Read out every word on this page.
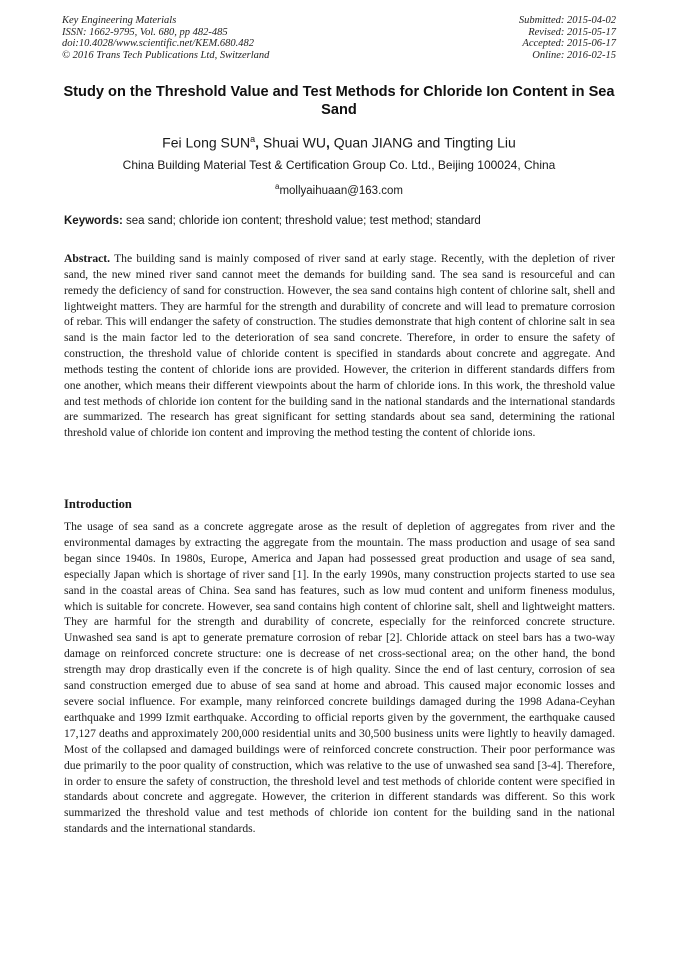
Key Engineering Materials
ISSN: 1662-9795, Vol. 680, pp 482-485
doi:10.4028/www.scientific.net/KEM.680.482
© 2016 Trans Tech Publications Ltd, Switzerland
Submitted: 2015-04-02
Revised: 2015-05-17
Accepted: 2015-06-17
Online: 2016-02-15
Study on the Threshold Value and Test Methods for Chloride Ion Content in Sea Sand
Fei Long SUN$^a$, Shuai WU, Quan JIANG and Tingting Liu
China Building Material Test & Certification Group Co. Ltd., Beijing 100024, China
$^a$mollyaihuaan@163.com
Keywords: sea sand; chloride ion content; threshold value; test method; standard
Abstract. The building sand is mainly composed of river sand at early stage. Recently, with the depletion of river sand, the new mined river sand cannot meet the demands for building sand. The sea sand is resourceful and can remedy the deficiency of sand for construction. However, the sea sand contains high content of chlorine salt, shell and lightweight matters. They are harmful for the strength and durability of concrete and will lead to premature corrosion of rebar. This will endanger the safety of construction. The studies demonstrate that high content of chlorine salt in sea sand is the main factor led to the deterioration of sea sand concrete. Therefore, in order to ensure the safety of construction, the threshold value of chloride content is specified in standards about concrete and aggregate. And methods testing the content of chloride ions are provided. However, the criterion in different standards differs from one another, which means their different viewpoints about the harm of chloride ions. In this work, the threshold value and test methods of chloride ion content for the building sand in the national standards and the international standards are summarized. The research has great significant for setting standards about sea sand, determining the rational threshold value of chloride ion content and improving the method testing the content of chloride ions.
Introduction
The usage of sea sand as a concrete aggregate arose as the result of depletion of aggregates from river and the environmental damages by extracting the aggregate from the mountain. The mass production and usage of sea sand began since 1940s. In 1980s, Europe, America and Japan had possessed great production and usage of sea sand, especially Japan which is shortage of river sand [1]. In the early 1990s, many construction projects started to use sea sand in the coastal areas of China. Sea sand has features, such as low mud content and uniform fineness modulus, which is suitable for concrete. However, sea sand contains high content of chlorine salt, shell and lightweight matters. They are harmful for the strength and durability of concrete, especially for the reinforced concrete structure. Unwashed sea sand is apt to generate premature corrosion of rebar [2]. Chloride attack on steel bars has a two-way damage on reinforced concrete structure: one is decrease of net cross-sectional area; on the other hand, the bond strength may drop drastically even if the concrete is of high quality. Since the end of last century, corrosion of sea sand construction emerged due to abuse of sea sand at home and abroad. This caused major economic losses and severe social influence. For example, many reinforced concrete buildings damaged during the 1998 Adana-Ceyhan earthquake and 1999 Izmit earthquake. According to official reports given by the government, the earthquake caused 17,127 deaths and approximately 200,000 residential units and 30,500 business units were lightly to heavily damaged. Most of the collapsed and damaged buildings were of reinforced concrete construction. Their poor performance was due primarily to the poor quality of construction, which was relative to the use of unwashed sea sand [3-4]. Therefore, in order to ensure the safety of construction, the threshold level and test methods of chloride content were specified in standards about concrete and aggregate. However, the criterion in different standards was different. So this work summarized the threshold value and test methods of chloride ion content for the building sand in the national standards and the international standards.
